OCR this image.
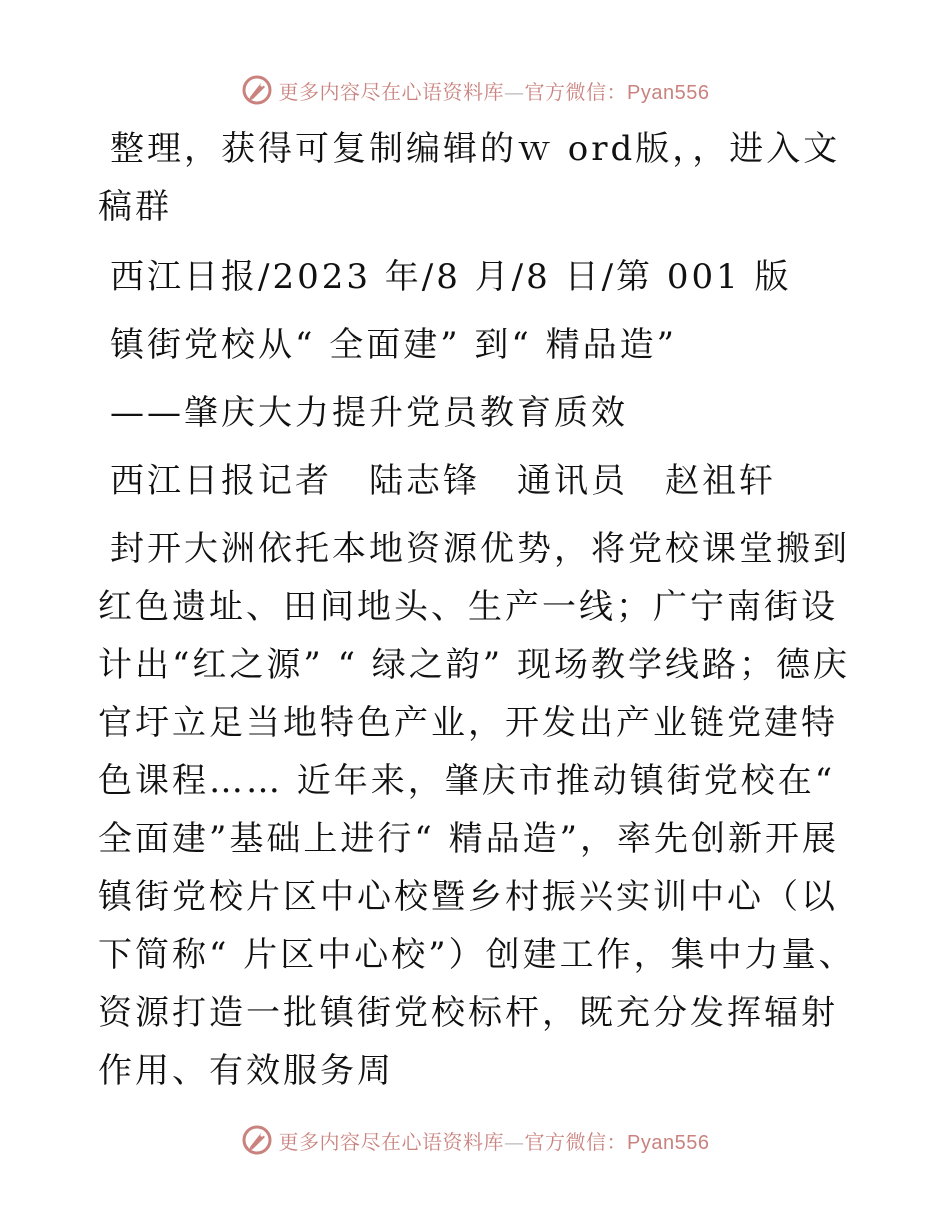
更多内容尽在心语资料库—官方微信：Pyan556

整理，获得可复制编辑的ｗ ord版，，进入文稿群

西江日报/2023 年/8 月/8 日/第 001 版

镇街党校从“ 全面建” 到“ 精品造”

——肇庆大力提升党员教育质效

西江日报记者　陆志锋　通讯员　赵祖轩

封开大洲依托本地资源优势，将党校课堂搬到红色遗址、田间地头、生产一线；广宁南街设计出“红之源” “ 绿之韵” 现场教学线路；德庆官圩立足当地特色产业，开发出产业链党建特色课程…… 近年来，肇庆市推动镇街党校在“ 全面建”基础上进行“ 精品造”，率先创新开展镇街党校片区中心校暨乡村振兴实训中心（以下简称“ 片区中心校”）创建工作，集中力量、资源打造一批镇街党校标杆，既充分发挥辐射作用、有效服务周

更多内容尽在心语资料库—官方微信：Pyan556
